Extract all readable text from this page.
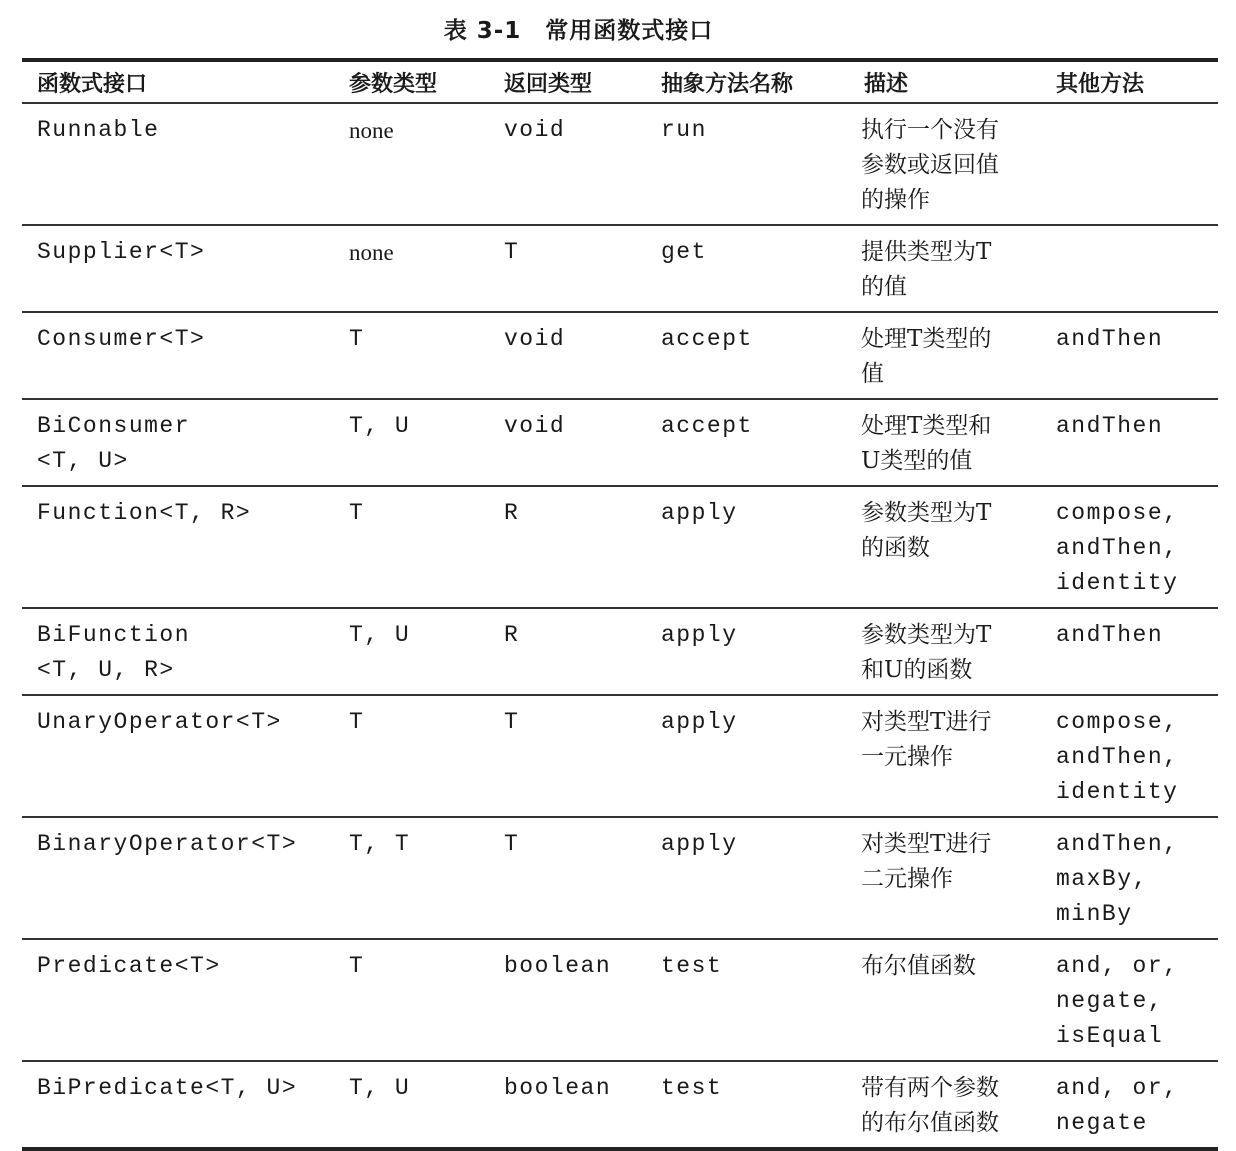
表 3-1　常用函数式接口
函数式接口	参数类型	返回类型	抽象方法名称	描述	其他方法

Runnable	none	void	run	执行一个没有
参数或返回值
的操作	

Supplier<T>	none	T	get	提供类型为T
的值	

Consumer<T>	T	void	accept	处理T类型的
值	andThen

BiConsumer
<T, U>	T, U	void	accept	处理T类型和
U类型的值	andThen

Function<T, R>	T	R	apply	参数类型为T
的函数	compose,
andThen,
identity

BiFunction
<T, U, R>	T, U	R	apply	参数类型为T
和U的函数	andThen

UnaryOperator<T>	T	T	apply	对类型T进行
一元操作	compose,
andThen,
identity

BinaryOperator<T>	T, T	T	apply	对类型T进行
二元操作	andThen,
maxBy,
minBy

Predicate<T>	T	boolean	test	布尔值函数	and, or,
negate,
isEqual

BiPredicate<T, U>	T, U	boolean	test	带有两个参数
的布尔值函数	and, or,
negate
